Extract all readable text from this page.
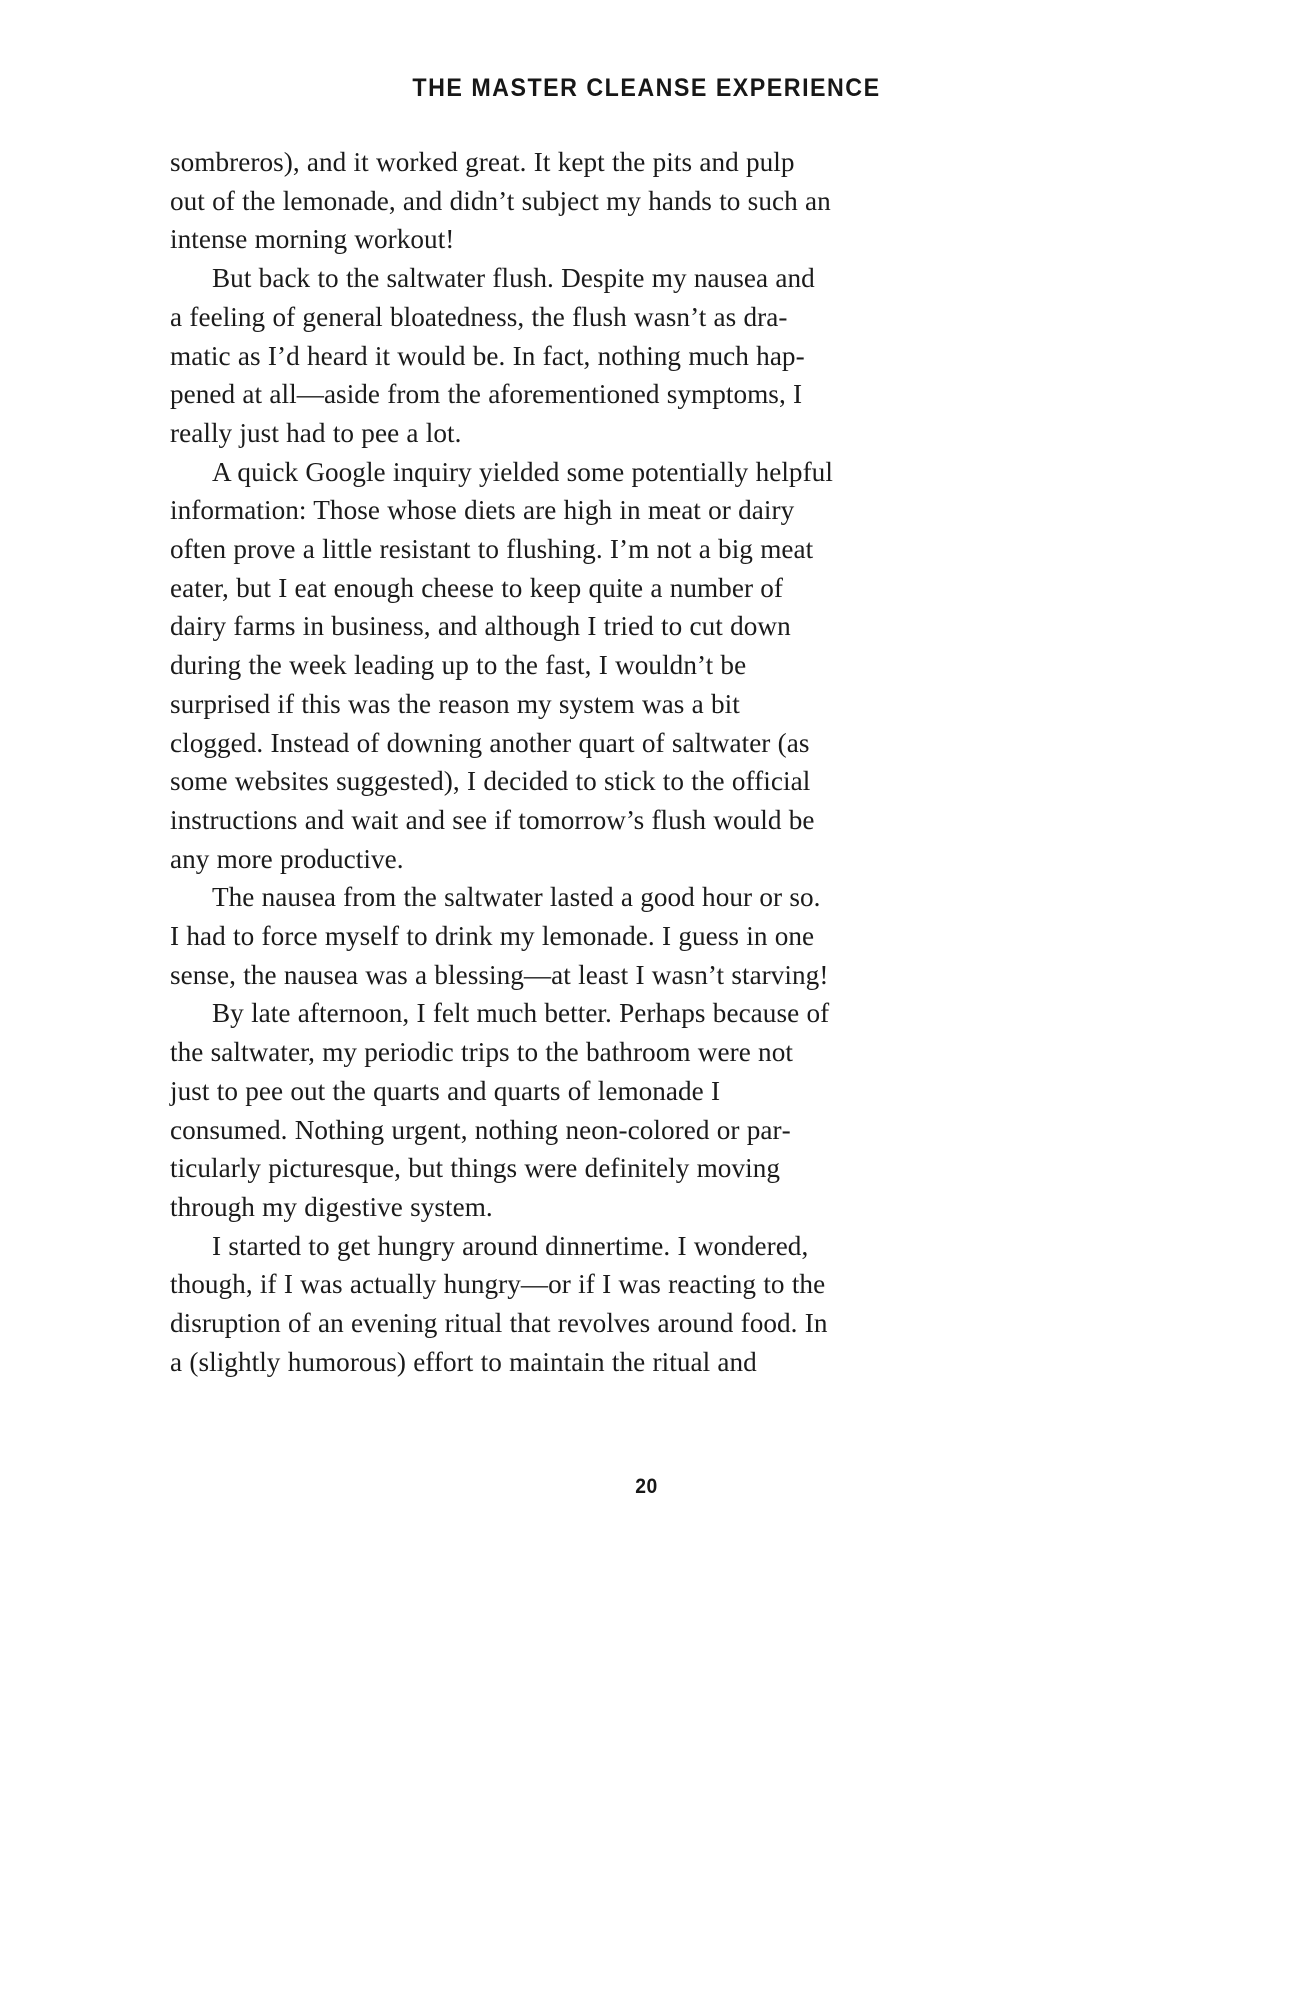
THE MASTER CLEANSE EXPERIENCE

sombreros), and it worked great. It kept the pits and pulp out of the lemonade, and didn’t subject my hands to such an intense morning workout!

But back to the saltwater flush. Despite my nausea and a feeling of general bloatedness, the flush wasn’t as dramatic as I’d heard it would be. In fact, nothing much happened at all—aside from the aforementioned symptoms, I really just had to pee a lot.

A quick Google inquiry yielded some potentially helpful information: Those whose diets are high in meat or dairy often prove a little resistant to flushing. I’m not a big meat eater, but I eat enough cheese to keep quite a number of dairy farms in business, and although I tried to cut down during the week leading up to the fast, I wouldn’t be surprised if this was the reason my system was a bit clogged. Instead of downing another quart of saltwater (as some websites suggested), I decided to stick to the official instructions and wait and see if tomorrow’s flush would be any more productive.

The nausea from the saltwater lasted a good hour or so. I had to force myself to drink my lemonade. I guess in one sense, the nausea was a blessing—at least I wasn’t starving!

By late afternoon, I felt much better. Perhaps because of the saltwater, my periodic trips to the bathroom were not just to pee out the quarts and quarts of lemonade I consumed. Nothing urgent, nothing neon-colored or particularly picturesque, but things were definitely moving through my digestive system.

I started to get hungry around dinnertime. I wondered, though, if I was actually hungry—or if I was reacting to the disruption of an evening ritual that revolves around food. In a (slightly humorous) effort to maintain the ritual and

20
